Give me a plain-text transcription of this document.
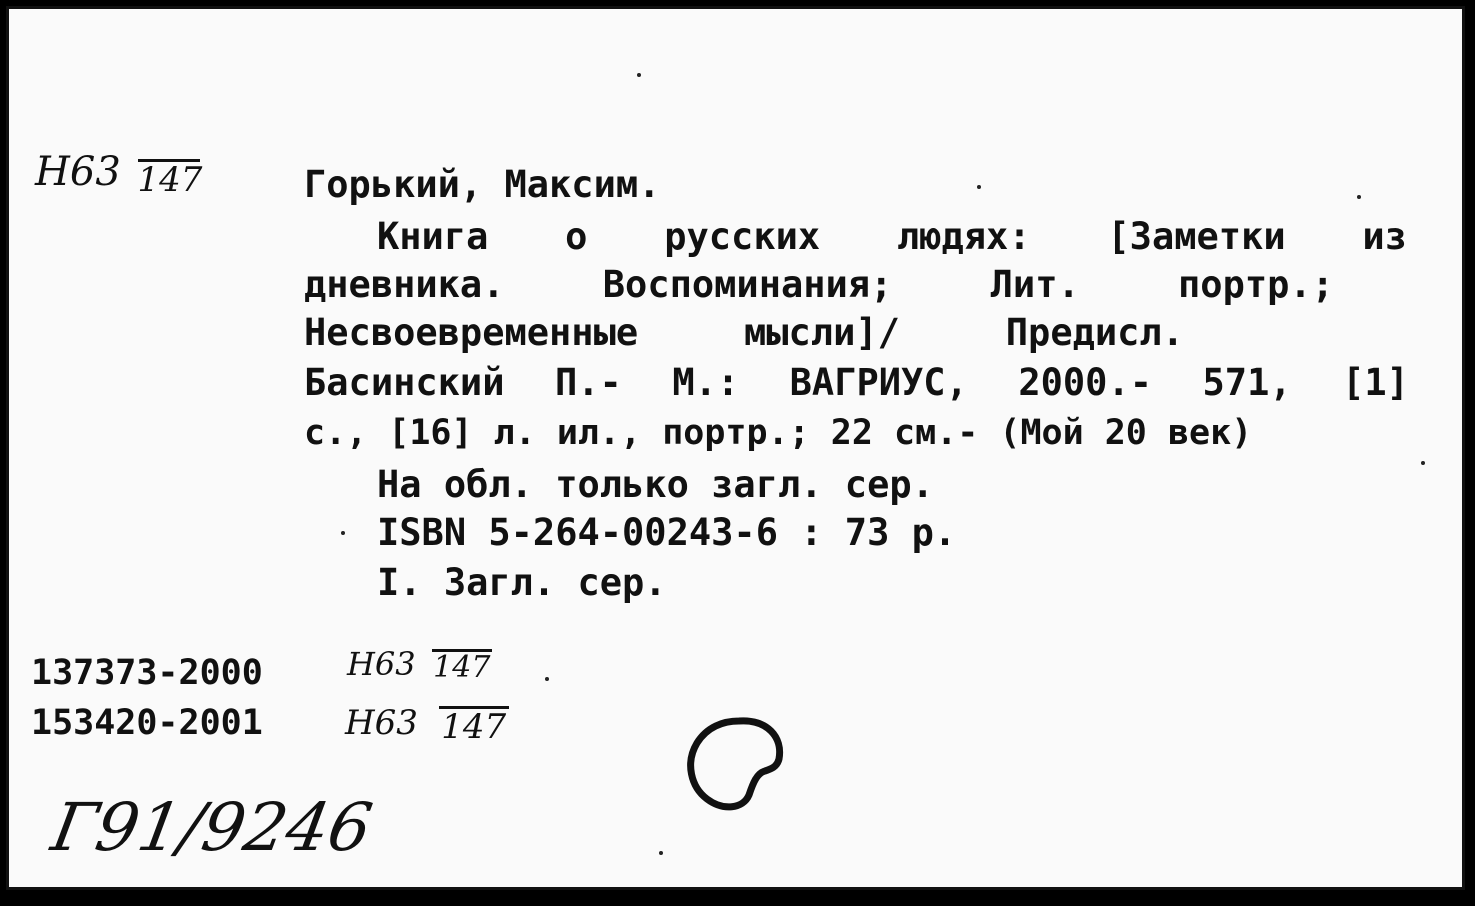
Н63 147	Горький, Максим.
Книга о русских людях: [Заметки из
дневника.	Воспоминания;	Лит.	портр.;
Несвоевременные	мысли]/	Предисл.
Басинский П.- М.: ВАГРИУС, 2000.- 571, [1]
с., [16] л. ил., портр.; 22 см.- (Мой 20 век)
На обл. только загл. сер.
ISBN 5-264-00243-6 : 73 р.
I. Загл. сер.
137373-2000	Н63 147
153420-2001 Н63 147
Г91/9246
